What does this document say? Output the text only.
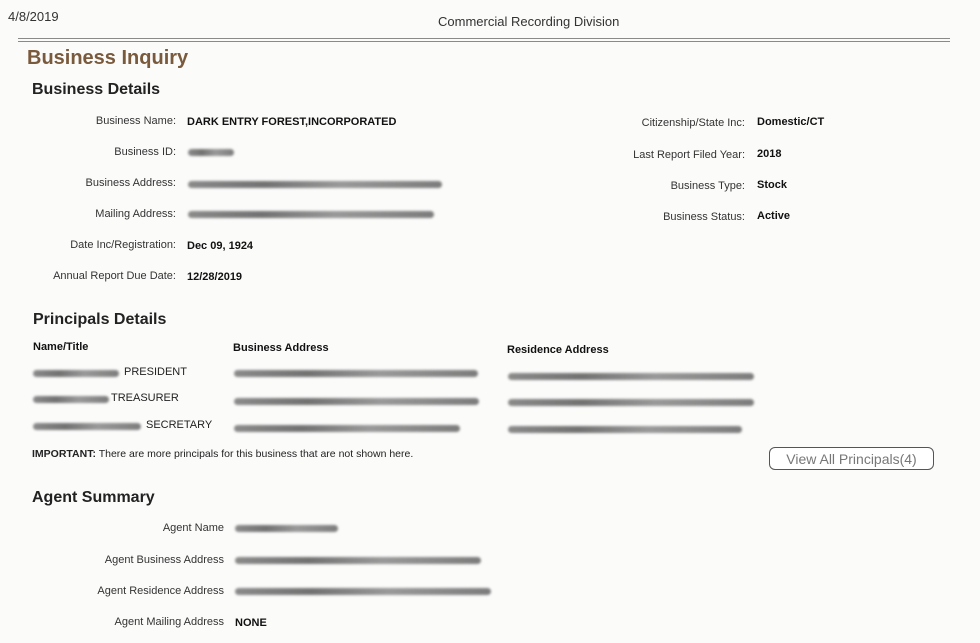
4/8/2019	Commercial Recording Division
Business Inquiry
Business Details
Business Name: DARK ENTRY FOREST,INCORPORATED
Business ID:
Business Address:
Mailing Address:
Date Inc/Registration: Dec 09, 1924
Annual Report Due Date: 12/28/2019
Citizenship/State Inc: Domestic/CT
Last Report Filed Year: 2018
Business Type: Stock
Business Status: Active
Principals Details
Name/Title	Business Address	Residence Address
PRESIDENT
TREASURER
SECRETARY
IMPORTANT: There are more principals for this business that are not shown here.	View All Principals(4)
Agent Summary
Agent Name
Agent Business Address
Agent Residence Address
Agent Mailing Address NONE
